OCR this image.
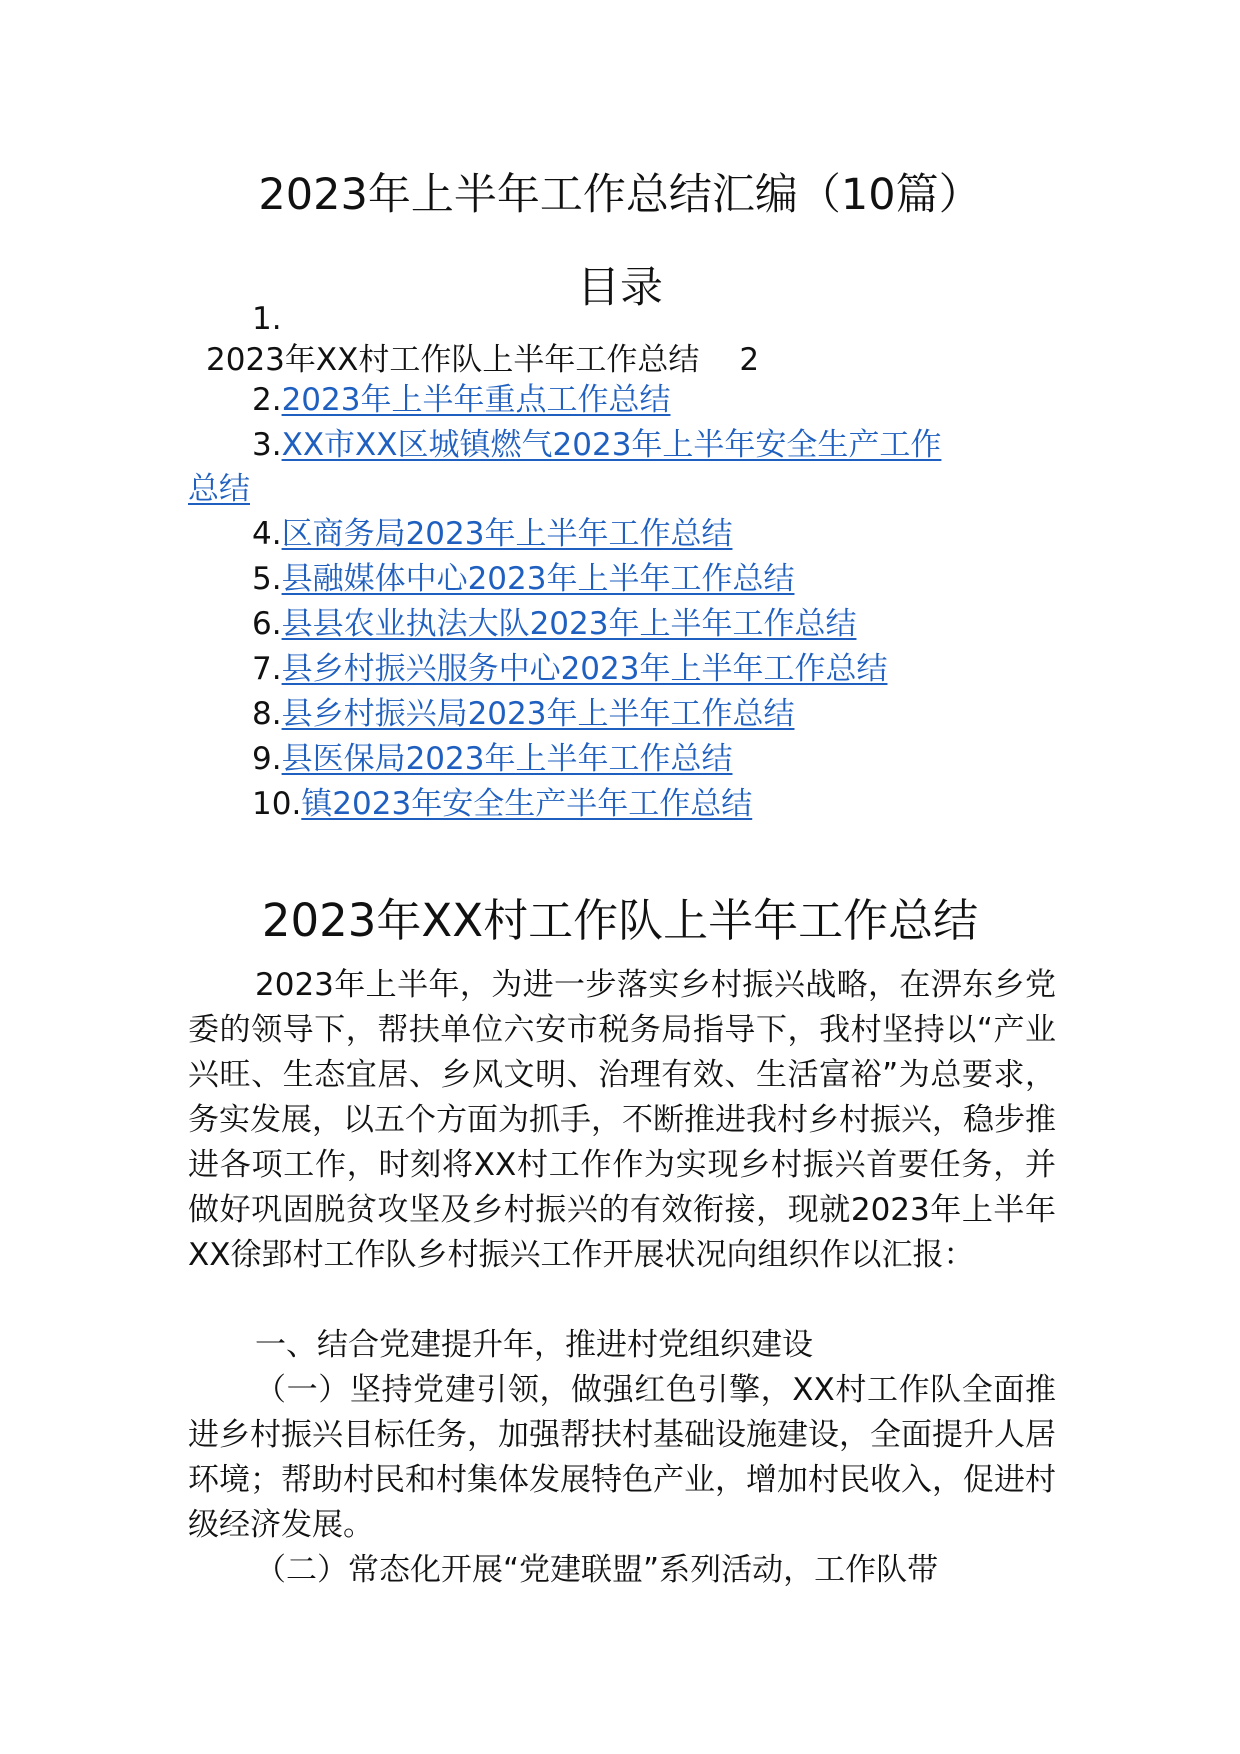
2023年上半年工作总结汇编（10篇）
目录
1.
2023年XX村工作队上半年工作总结 2
2.2023年上半年重点工作总结
3.XX市XX区城镇燃气2023年上半年安全生产工作
总结
4.区商务局2023年上半年工作总结
5.县融媒体中心2023年上半年工作总结
6.县县农业执法大队2023年上半年工作总结
7.县乡村振兴服务中心2023年上半年工作总结
8.县乡村振兴局2023年上半年工作总结
9.县医保局2023年上半年工作总结
10.镇2023年安全生产半年工作总结
2023年XX村工作队上半年工作总结

2023年上半年，为进一步落实乡村振兴战略，在淠东乡党委的领导下，帮扶单位六安市税务局指导下，我村坚持以“产业兴旺、生态宜居、乡风文明、治理有效、生活富裕”为总要求，务实发展，以五个方面为抓手，不断推进我村乡村振兴，稳步推进各项工作，时刻将XX村工作作为实现乡村振兴首要任务，并做好巩固脱贫攻坚及乡村振兴的有效衔接，现就2023年上半年XX徐郢村工作队乡村振兴工作开展状况向组织作以汇报：

一、结合党建提升年，推进村党组织建设

（一）坚持党建引领，做强红色引擎，XX村工作队全面推进乡村振兴目标任务，加强帮扶村基础设施建设，全面提升人居环境；帮助村民和村集体发展特色产业，增加村民收入，促进村级经济发展。

（二）常态化开展“党建联盟”系列活动，工作队带
